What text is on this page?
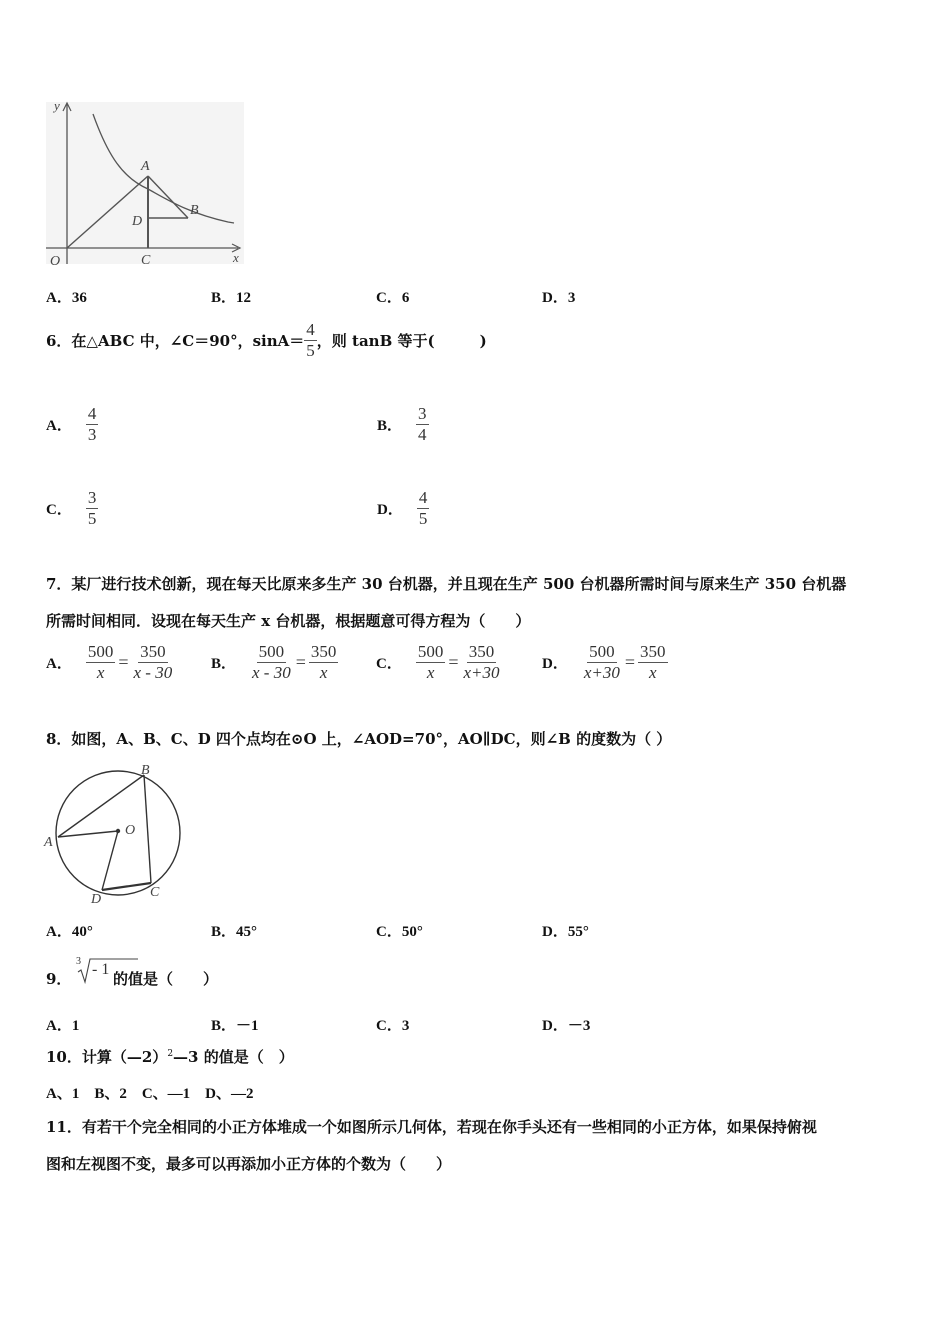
y
x
O
A
B
C
D
A．36	B．12	C．6	D．3
6．在△ABC 中，∠C＝90°，$\sin A= \frac{4}{5}$ ，则 tanB 等于(　　　)
A． $\frac{4}{3}$	B． $\frac{3}{4}$
C． $\frac{3}{5}$	D． $\frac{4}{5}$
7．某厂进行技术创新，现在每天比原来多生产 30 台机器，并且现在生产 500 台机器所需时间与原来生产 350 台机器
所需时间相同．设现在每天生产 x 台机器，根据题意可得方程为（　　）
A． $\frac{500}{x} = \frac{350}{x - 30}$ B． $\frac{500}{x - 30} = \frac{350}{x}$	C． $\frac{500}{x} = \frac{350}{x+30}$	D． $\frac{500}{x+30} = \frac{350}{x}$
8．如图，A、B、C、D 四个点均在⊙O 上，∠AOD=70°，AO∥DC，则∠B 的度数为（ ）
A
B
C
D
O
A．40°	B．45°	C．50°	D．55°
9．
3 - 1
的值是（　　）
A．1	B．－1	C．3	D．－3
10．计算（—2）$^2$—3 的值是（　）
A、1　B、2　C、—1　D、—2
11．有若干个完全相同的小正方体堆成一个如图所示几何体，若现在你手头还有一些相同的小正方体，如果保持俯视
图和左视图不变，最多可以再添加小正方体的个数为（　　）
